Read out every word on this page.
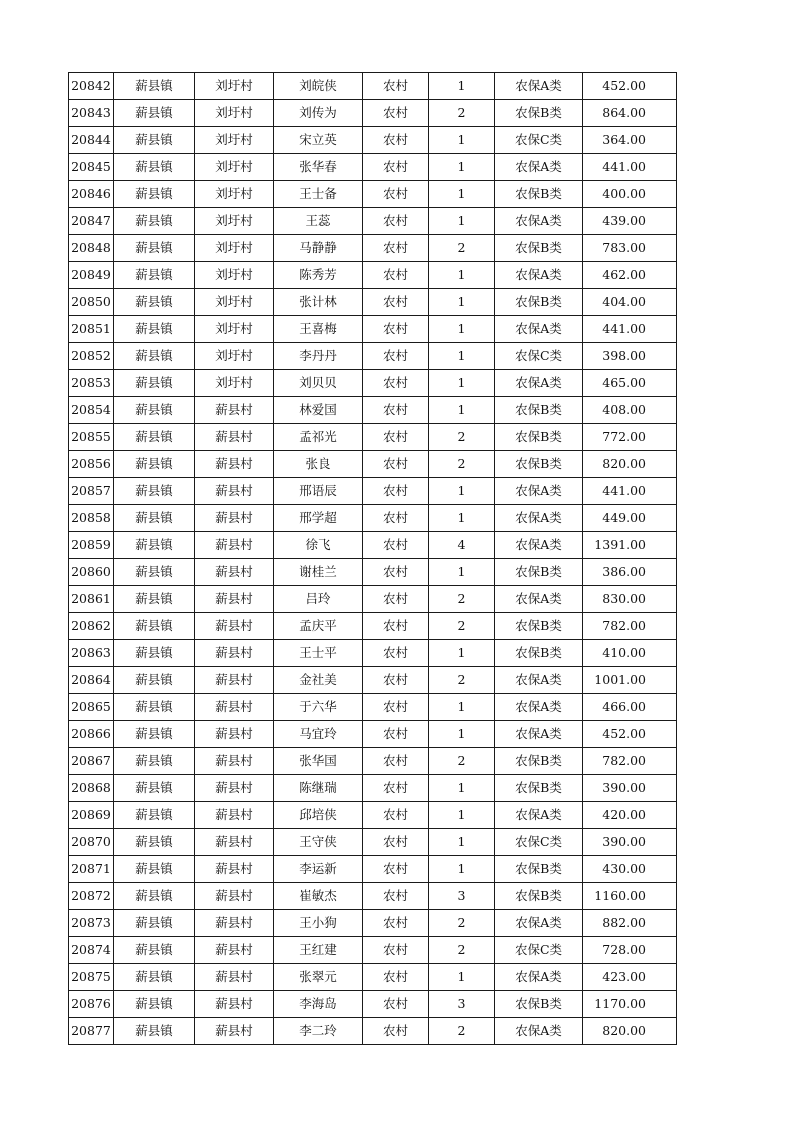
20842	薪县镇	刘圩村	刘皖侠	农村	1	农保A类	452.00
20843	薪县镇	刘圩村	刘传为	农村	2	农保B类	864.00
20844	薪县镇	刘圩村	宋立英	农村	1	农保C类	364.00
20845	薪县镇	刘圩村	张华春	农村	1	农保A类	441.00
20846	薪县镇	刘圩村	王士备	农村	1	农保B类	400.00
20847	薪县镇	刘圩村	王蕊	农村	1	农保A类	439.00
20848	薪县镇	刘圩村	马静静	农村	2	农保B类	783.00
20849	薪县镇	刘圩村	陈秀芳	农村	1	农保A类	462.00
20850	薪县镇	刘圩村	张计林	农村	1	农保B类	404.00
20851	薪县镇	刘圩村	王喜梅	农村	1	农保A类	441.00
20852	薪县镇	刘圩村	李丹丹	农村	1	农保C类	398.00
20853	薪县镇	刘圩村	刘贝贝	农村	1	农保A类	465.00
20854	薪县镇	薪县村	林爱国	农村	1	农保B类	408.00
20855	薪县镇	薪县村	孟祁光	农村	2	农保B类	772.00
20856	薪县镇	薪县村	张良	农村	2	农保B类	820.00
20857	薪县镇	薪县村	邢语辰	农村	1	农保A类	441.00
20858	薪县镇	薪县村	邢学超	农村	1	农保A类	449.00
20859	薪县镇	薪县村	徐飞	农村	4	农保A类	1391.00
20860	薪县镇	薪县村	谢桂兰	农村	1	农保B类	386.00
20861	薪县镇	薪县村	吕玲	农村	2	农保A类	830.00
20862	薪县镇	薪县村	孟庆平	农村	2	农保B类	782.00
20863	薪县镇	薪县村	王士平	农村	1	农保B类	410.00
20864	薪县镇	薪县村	金社美	农村	2	农保A类	1001.00
20865	薪县镇	薪县村	于六华	农村	1	农保A类	466.00
20866	薪县镇	薪县村	马宜玲	农村	1	农保A类	452.00
20867	薪县镇	薪县村	张华国	农村	2	农保B类	782.00
20868	薪县镇	薪县村	陈继瑞	农村	1	农保B类	390.00
20869	薪县镇	薪县村	邱培侠	农村	1	农保A类	420.00
20870	薪县镇	薪县村	王守侠	农村	1	农保C类	390.00
20871	薪县镇	薪县村	李运新	农村	1	农保B类	430.00
20872	薪县镇	薪县村	崔敏杰	农村	3	农保B类	1160.00
20873	薪县镇	薪县村	王小狗	农村	2	农保A类	882.00
20874	薪县镇	薪县村	王红建	农村	2	农保C类	728.00
20875	薪县镇	薪县村	张翠元	农村	1	农保A类	423.00
20876	薪县镇	薪县村	李海岛	农村	3	农保B类	1170.00
20877	薪县镇	薪县村	李二玲	农村	2	农保A类	820.00
